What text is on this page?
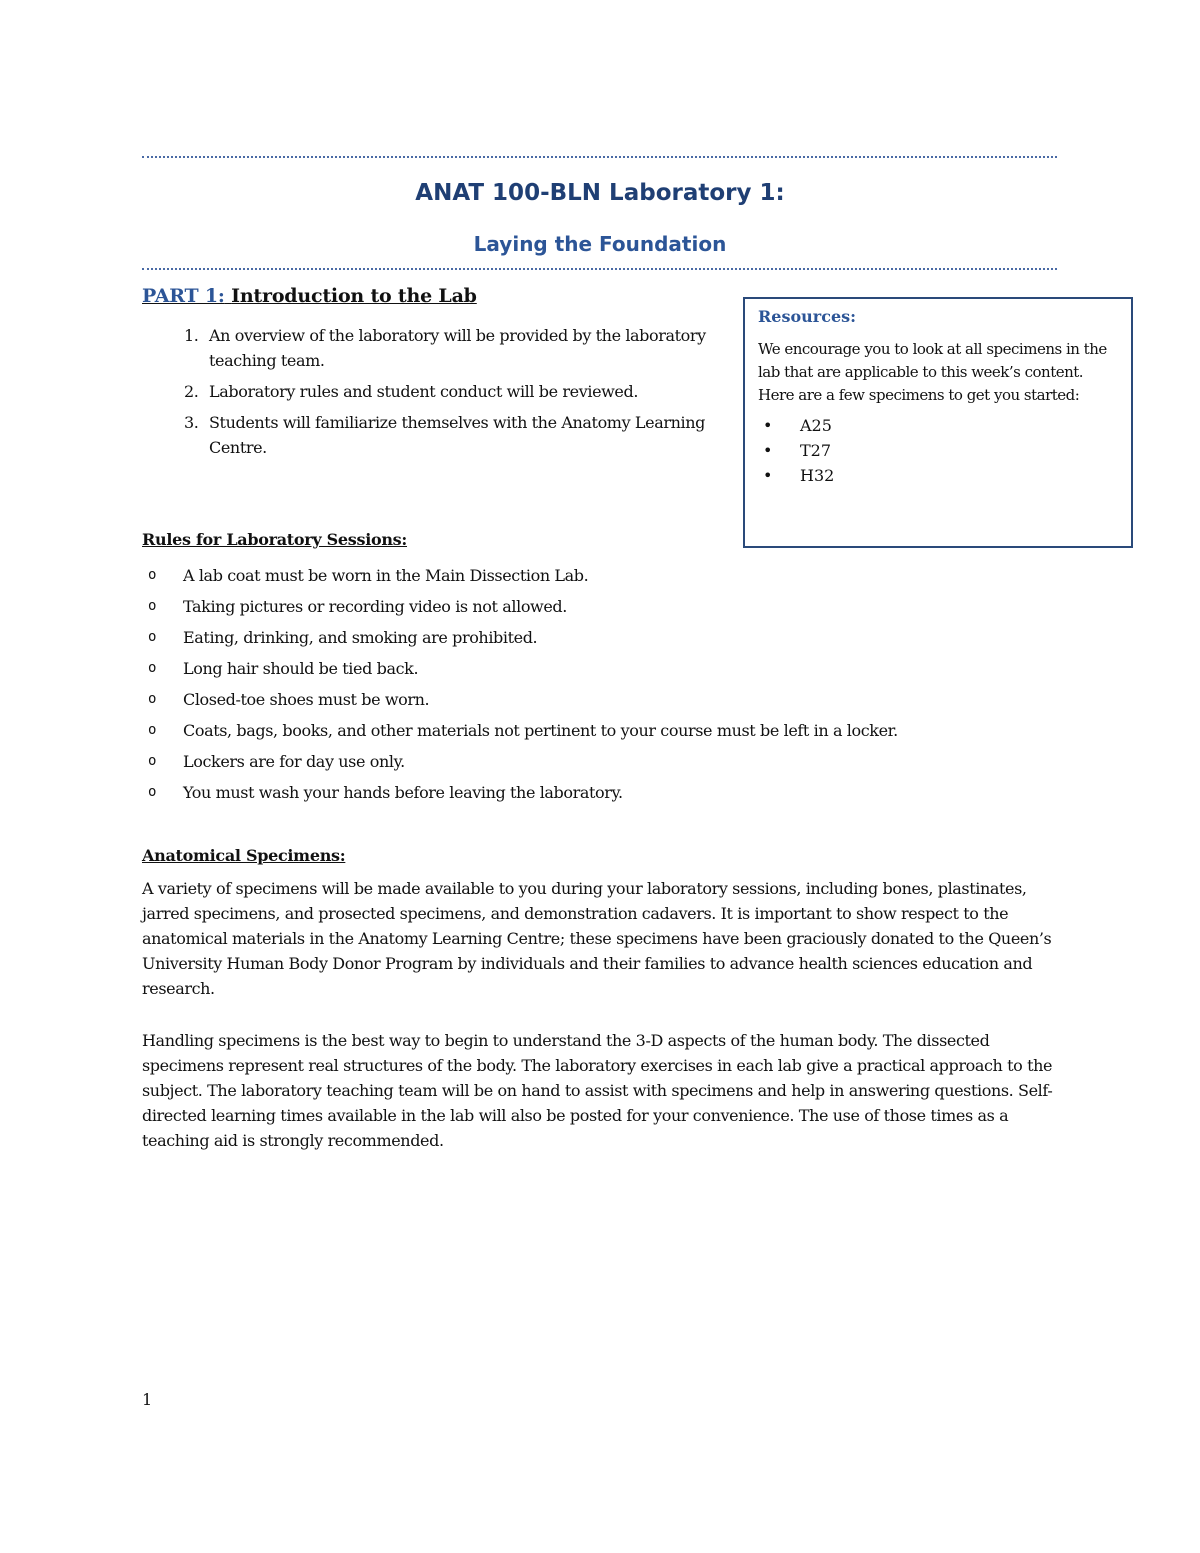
ANAT 100-BLN Laboratory 1:
Laying the Foundation
PART 1: Introduction to the Lab
1. An overview of the laboratory will be provided by the laboratory teaching team.
2. Laboratory rules and student conduct will be reviewed.
3. Students will familiarize themselves with the Anatomy Learning Centre.
Resources:

We encourage you to look at all specimens in the lab that are applicable to this week’s content. Here are a few specimens to get you started:

• A25
• T27
• H32
Rules for Laboratory Sessions:
o A lab coat must be worn in the Main Dissection Lab.
o Taking pictures or recording video is not allowed.
o Eating, drinking, and smoking are prohibited.
o Long hair should be tied back.
o Closed-toe shoes must be worn.
o Coats, bags, books, and other materials not pertinent to your course must be left in a locker.
o Lockers are for day use only.
o You must wash your hands before leaving the laboratory.
Anatomical Specimens:

A variety of specimens will be made available to you during your laboratory sessions, including bones, plastinates, jarred specimens, and prosected specimens, and demonstration cadavers. It is important to show respect to the anatomical materials in the Anatomy Learning Centre; these specimens have been graciously donated to the Queen’s University Human Body Donor Program by individuals and their families to advance health sciences education and research.

Handling specimens is the best way to begin to understand the 3-D aspects of the human body. The dissected specimens represent real structures of the body. The laboratory exercises in each lab give a practical approach to the subject. The laboratory teaching team will be on hand to assist with specimens and help in answering questions. Self-directed learning times available in the lab will also be posted for your convenience. The use of those times as a teaching aid is strongly recommended.

1
